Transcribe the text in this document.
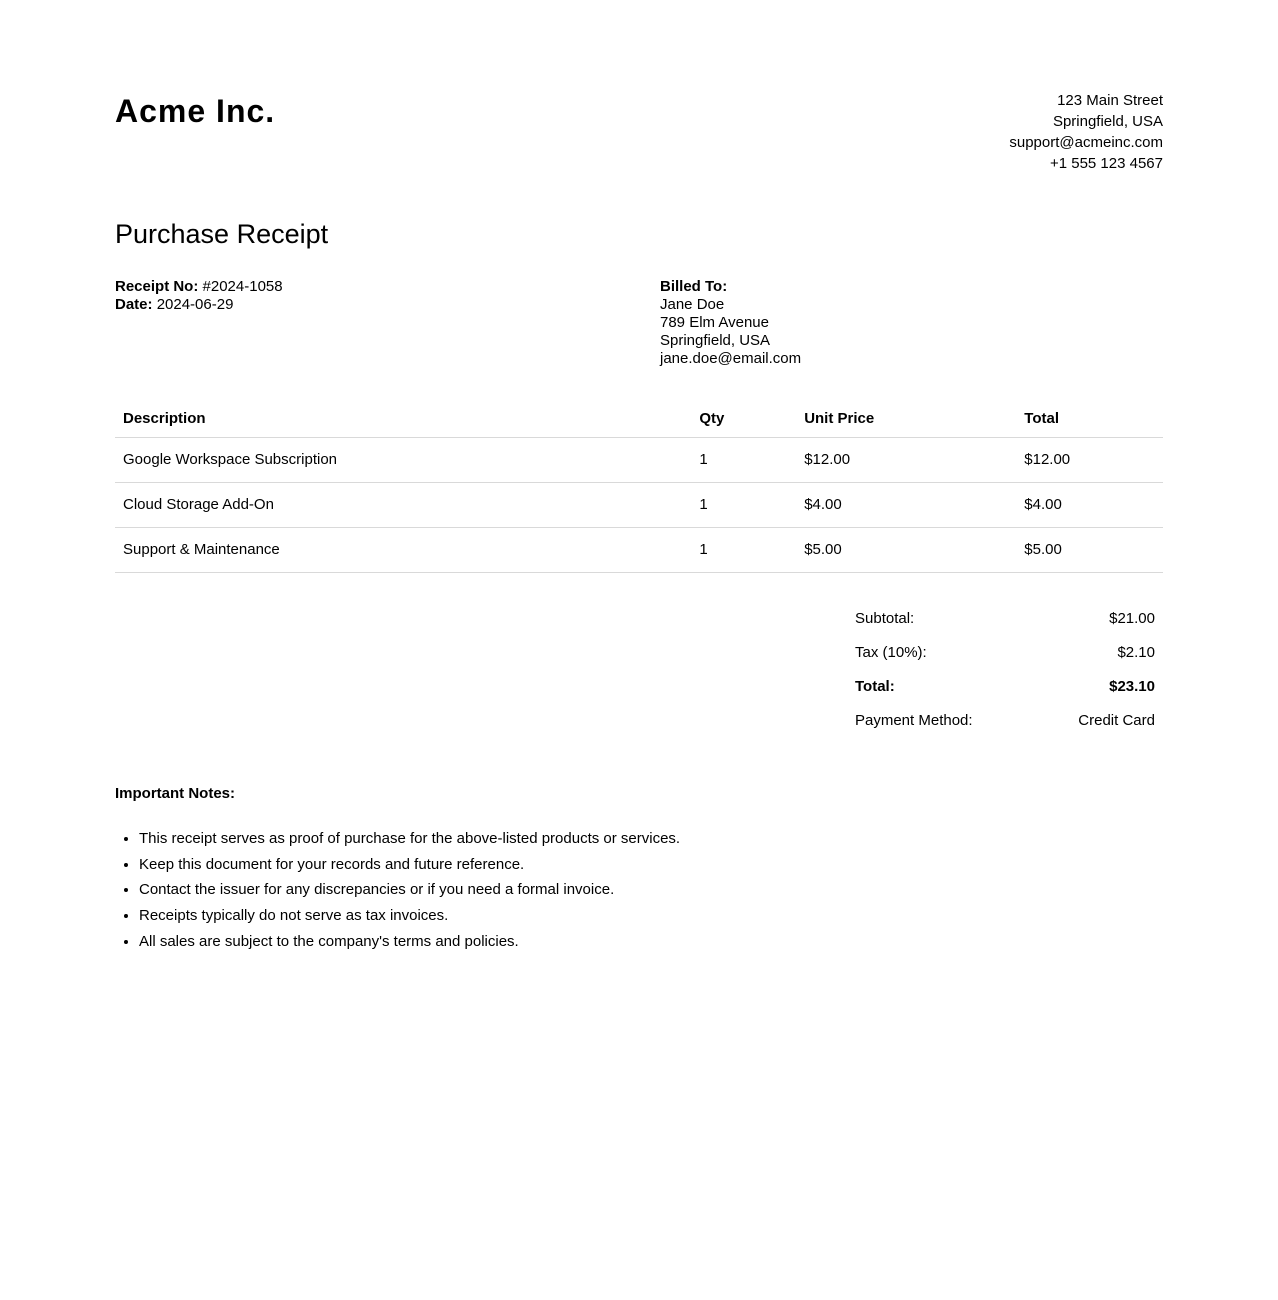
Acme Inc.	123 Main Street
Springfield, USA
support@acmeinc.com
+1 555 123 4567
Purchase Receipt
Receipt No: #2024-1058
Date: 2024-06-29
Billed To:
Jane Doe
789 Elm Avenue
Springfield, USA
jane.doe@email.com
Description	Qty	Unit Price	Total
Google Workspace Subscription	1	$12.00	$12.00
Cloud Storage Add-On	1	$4.00	$4.00
Support & Maintenance	1	$5.00	$5.00
Subtotal:	$21.00
Tax (10%):	$2.10
Total:	$23.10
Payment Method:	Credit Card
Important Notes:
• This receipt serves as proof of purchase for the above-listed products or services.
• Keep this document for your records and future reference.
• Contact the issuer for any discrepancies or if you need a formal invoice.
• Receipts typically do not serve as tax invoices.
• All sales are subject to the company's terms and policies.
